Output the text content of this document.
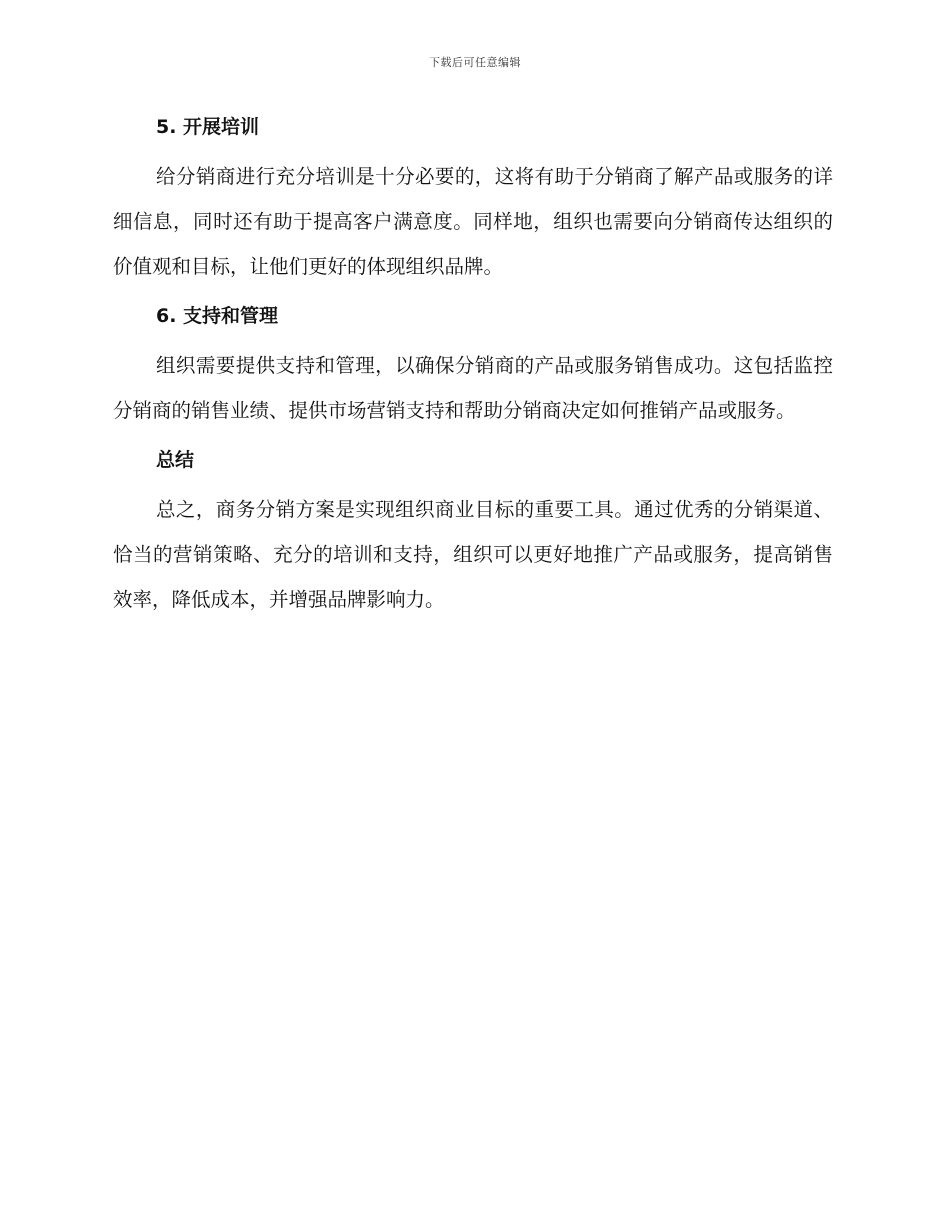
下载后可任意编辑
5. 开展培训

给分销商进行充分培训是十分必要的，这将有助于分销商了解产品或服务的详细信息，同时还有助于提高客户满意度。同样地，组织也需要向分销商传达组织的价值观和目标，让他们更好的体现组织品牌。

6. 支持和管理

组织需要提供支持和管理，以确保分销商的产品或服务销售成功。这包括监控分销商的销售业绩、提供市场营销支持和帮助分销商决定如何推销产品或服务。

总结

总之，商务分销方案是实现组织商业目标的重要工具。通过优秀的分销渠道、恰当的营销策略、充分的培训和支持，组织可以更好地推广产品或服务，提高销售效率，降低成本，并增强品牌影响力。
